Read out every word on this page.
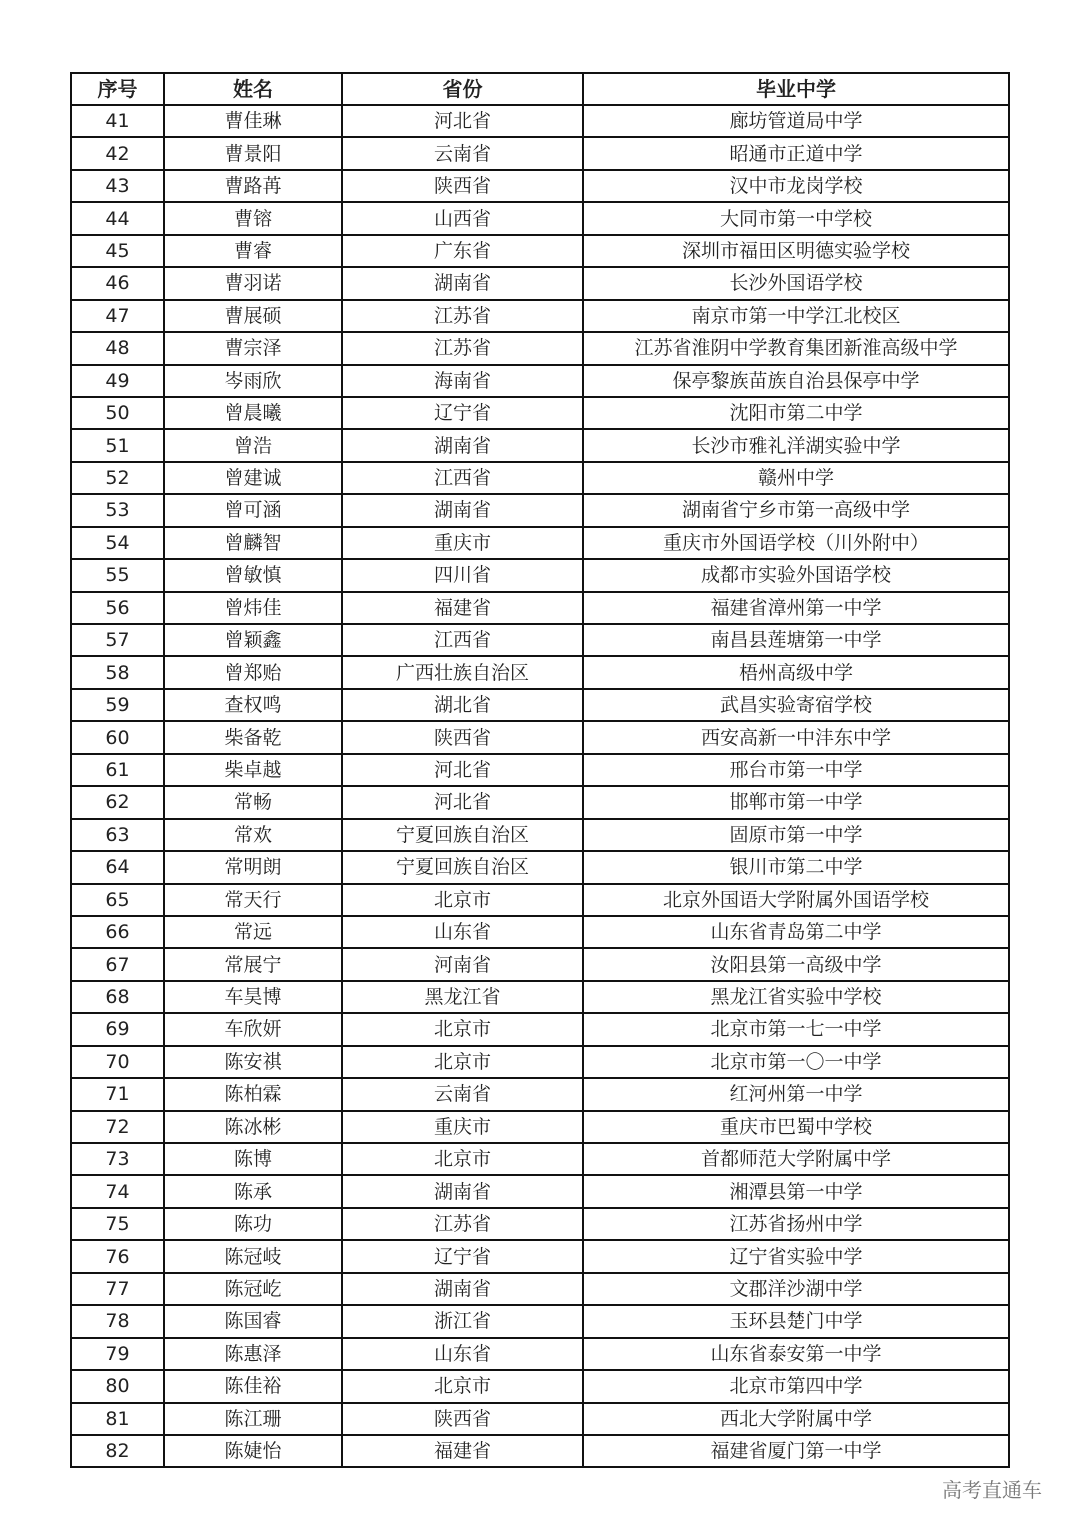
序号	姓名	省份	毕业中学
41	曹佳琳	河北省	廊坊管道局中学
42	曹景阳	云南省	昭通市正道中学
43	曹路苒	陕西省	汉中市龙岗学校
44	曹镕	山西省	大同市第一中学校
45	曹睿	广东省	深圳市福田区明德实验学校
46	曹羽诺	湖南省	长沙外国语学校
47	曹展硕	江苏省	南京市第一中学江北校区
48	曹宗泽	江苏省	江苏省淮阴中学教育集团新淮高级中学
49	岑雨欣	海南省	保亭黎族苗族自治县保亭中学
50	曾晨曦	辽宁省	沈阳市第二中学
51	曾浩	湖南省	长沙市雅礼洋湖实验中学
52	曾建诚	江西省	赣州中学
53	曾可涵	湖南省	湖南省宁乡市第一高级中学
54	曾麟智	重庆市	重庆市外国语学校（川外附中）
55	曾敏慎	四川省	成都市实验外国语学校
56	曾炜佳	福建省	福建省漳州第一中学
57	曾颖鑫	江西省	南昌县莲塘第一中学
58	曾郑贻	广西壮族自治区	梧州高级中学
59	查权鸣	湖北省	武昌实验寄宿学校
60	柴备乾	陕西省	西安高新一中沣东中学
61	柴卓越	河北省	邢台市第一中学
62	常畅	河北省	邯郸市第一中学
63	常欢	宁夏回族自治区	固原市第一中学
64	常明朗	宁夏回族自治区	银川市第二中学
65	常天行	北京市	北京外国语大学附属外国语学校
66	常远	山东省	山东省青岛第二中学
67	常展宁	河南省	汝阳县第一高级中学
68	车昊博	黑龙江省	黑龙江省实验中学校
69	车欣妍	北京市	北京市第一七一中学
70	陈安祺	北京市	北京市第一〇一中学
71	陈柏霖	云南省	红河州第一中学
72	陈冰彬	重庆市	重庆市巴蜀中学校
73	陈博	北京市	首都师范大学附属中学
74	陈承	湖南省	湘潭县第一中学
75	陈功	江苏省	江苏省扬州中学
76	陈冠岐	辽宁省	辽宁省实验中学
77	陈冠屹	湖南省	文郡洋沙湖中学
78	陈国睿	浙江省	玉环县楚门中学
79	陈惠泽	山东省	山东省泰安第一中学
80	陈佳裕	北京市	北京市第四中学
81	陈江珊	陕西省	西北大学附属中学
82	陈婕怡	福建省	福建省厦门第一中学
高考直通车
